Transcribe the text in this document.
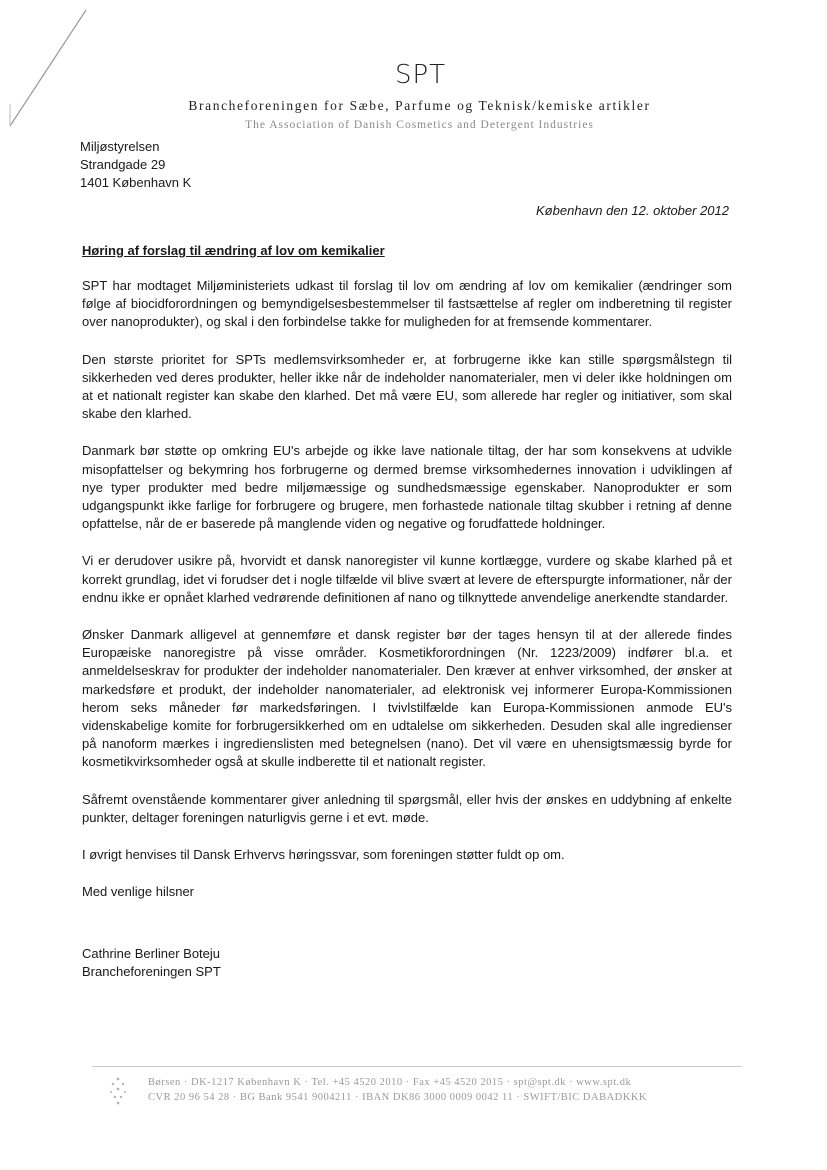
SPT
Brancheforeningen for Sæbe, Parfume og Teknisk/kemiske artikler
The Association of Danish Cosmetics and Detergent Industries
Miljøstyrelsen
Strandgade 29
1401 København K
København den 12. oktober 2012
Høring af forslag til ændring af lov om kemikalier

SPT har modtaget Miljøministeriets udkast til forslag til lov om ændring af lov om kemikalier (ændringer som følge af biocidforordningen og bemyndigelsesbestemmelser til fastsættelse af regler om indberetning til register over nanoprodukter), og skal i den forbindelse takke for muligheden for at fremsende kommentarer.

Den største prioritet for SPTs medlemsvirksomheder er, at forbrugerne ikke kan stille spørgsmålstegn til sikkerheden ved deres produkter, heller ikke når de indeholder nanomaterialer, men vi deler ikke holdningen om at et nationalt register kan skabe den klarhed. Det må være EU, som allerede har regler og initiativer, som skal skabe den klarhed.

Danmark bør støtte op omkring EU's arbejde og ikke lave nationale tiltag, der har som konsekvens at udvikle misopfattelser og bekymring hos forbrugerne og dermed bremse virksomhedernes innovation i udviklingen af nye typer produkter med bedre miljømæssige og sundhedsmæssige egenskaber. Nanoprodukter er som udgangspunkt ikke farlige for forbrugere og brugere, men forhastede nationale tiltag skubber i retning af denne opfattelse, når de er baserede på manglende viden og negative og forudfattede holdninger.

Vi er derudover usikre på, hvorvidt et dansk nanoregister vil kunne kortlægge, vurdere og skabe klarhed på et korrekt grundlag, idet vi forudser det i nogle tilfælde vil blive svært at levere de efterspurgte informationer, når der endnu ikke er opnået klarhed vedrørende definitionen af nano og tilknyttede anvendelige anerkendte standarder.

Ønsker Danmark alligevel at gennemføre et dansk register bør der tages hensyn til at der allerede findes Europæiske nanoregistre på visse områder. Kosmetikforordningen (Nr. 1223/2009) indfører bl.a. et anmeldelseskrav for produkter der indeholder nanomaterialer. Den kræver at enhver virksomhed, der ønsker at markedsføre et produkt, der indeholder nanomaterialer, ad elektronisk vej informerer Europa-Kommissionen herom seks måneder før markedsføringen. I tvivlstilfælde kan Europa-Kommissionen anmode EU's videnskabelige komite for forbrugersikkerhed om en udtalelse om sikkerheden. Desuden skal alle ingredienser på nanoform mærkes i ingredienslisten med betegnelsen (nano). Det vil være en uhensigtsmæssig byrde for kosmetikvirksomheder også at skulle indberette til et nationalt register.

Såfremt ovenstående kommentarer giver anledning til spørgsmål, eller hvis der ønskes en uddybning af enkelte punkter, deltager foreningen naturligvis gerne i et evt. møde.

I øvrigt henvises til Dansk Erhvervs høringssvar, som foreningen støtter fuldt op om.

Med venlige hilsner
Cathrine Berliner Boteju
Brancheforeningen SPT
Børsen · DK-1217 København K · Tel. +45 4520 2010 · Fax +45 4520 2015 · spt@spt.dk · www.spt.dk
CVR 20 96 54 28 · BG Bank 9541 9004211 · IBAN DK86 3000 0009 0042 11 · SWIFT/BIC DABADKKK
